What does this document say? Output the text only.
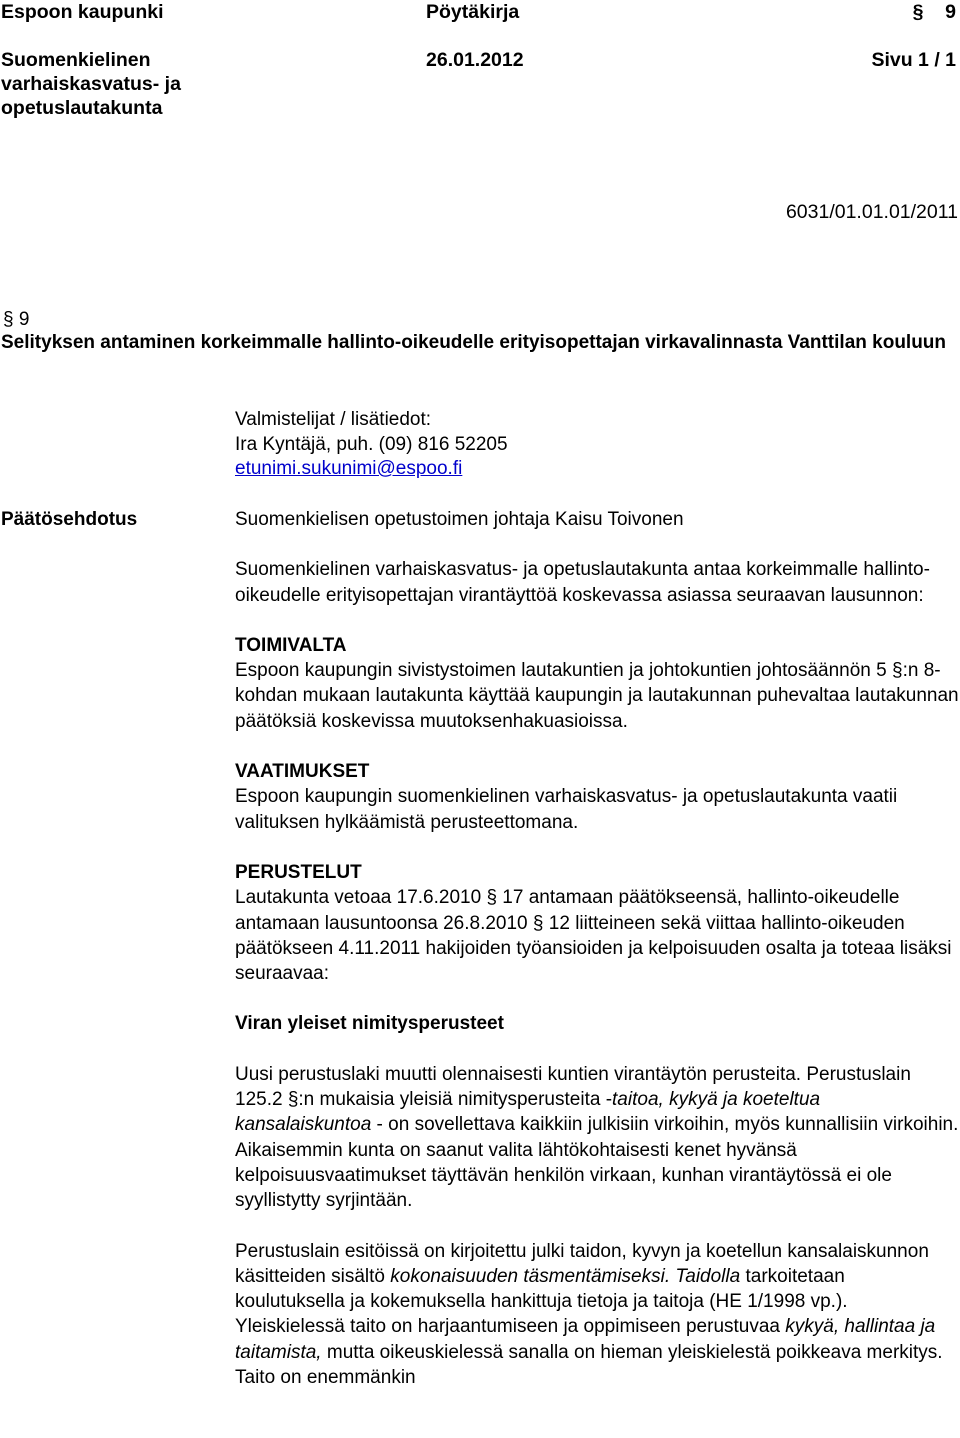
Espoon kaupunki
Suomenkielinen
varhaiskasvatus- ja
opetuslautakunta
Pöytäkirja
26.01.2012
§ 9
Sivu 1 / 1
6031/01.01.01/2011
§ 9
Selityksen antaminen korkeimmalle hallinto-oikeudelle erityisopettajan virkavalinnasta Vanttilan kouluun
Valmistelijat / lisätiedot:
Ira Kyntäjä, puh. (09) 816 52205
etunimi.sukunimi@espoo.fi
Päätösehdotus	Suomenkielisen opetustoimen johtaja Kaisu Toivonen

Suomenkielinen varhaiskasvatus- ja opetuslautakunta antaa korkeimmalle hallinto-oikeudelle erityisopettajan virantäyttöä koskevassa asiassa seuraavan lausunnon:

TOIMIVALTA
Espoon kaupungin sivistystoimen lautakuntien ja johtokuntien johtosäännön 5 §:n 8-kohdan mukaan lautakunta käyttää kaupungin ja lautakunnan puhevaltaa lautakunnan päätöksiä koskevissa muutoksenhakuasioissa.
VAATIMUKSET
Espoon kaupungin suomenkielinen varhaiskasvatus- ja opetuslautakunta vaatii valituksen hylkäämistä perusteettomana.
PERUSTELUT
Lautakunta vetoaa 17.6.2010 § 17 antamaan päätökseensä, hallinto-oikeudelle antamaan lausuntoonsa 26.8.2010 § 12 liitteineen sekä viittaa hallinto-oikeuden päätökseen 4.11.2011 hakijoiden työansioiden ja kelpoisuuden osalta ja toteaa lisäksi seuraavaa:

Viran yleiset nimitysperusteet

Uusi perustuslaki muutti olennaisesti kuntien virantäytön perusteita. Perustuslain 125.2 §:n mukaisia yleisiä nimitysperusteita -taitoa, kykyä ja koeteltua kansalaiskuntoa - on sovellettava kaikkiin julkisiin virkoihin, myös kunnallisiin virkoihin. Aikaisemmin kunta on saanut valita lähtökohtaisesti kenet hyvänsä kelpoisuusvaatimukset täyttävän henkilön virkaan, kunhan virantäytössä ei ole syyllistytty syrjintään.

Perustuslain esitöissä on kirjoitettu julki taidon, kyvyn ja koetellun kansalaiskunnon käsitteiden sisältö kokonaisuuden täsmentämiseksi. Taidolla tarkoitetaan koulutuksella ja kokemuksella hankittuja tietoja ja taitoja (HE 1/1998 vp.). Yleiskielessä taito on harjaantumiseen ja oppimiseen perustuvaa kykyä, hallintaa ja taitamista, mutta oikeuskielessä sanalla on hieman yleiskielestä poikkeava merkitys. Taito on enemmänkin
